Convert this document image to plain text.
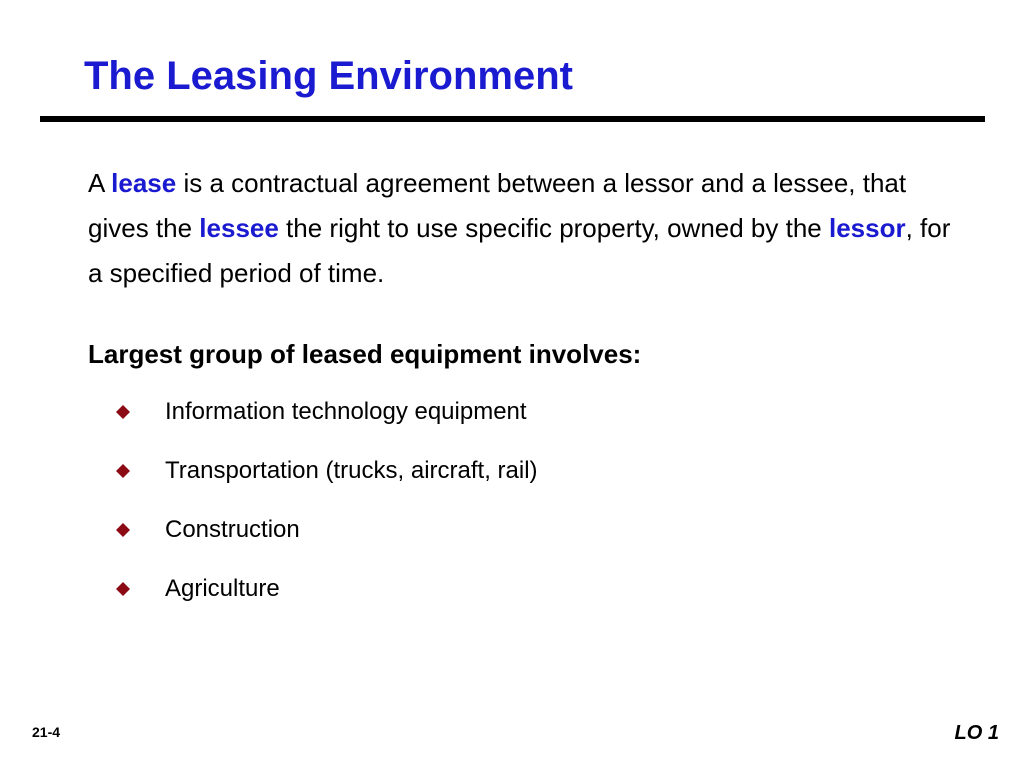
The Leasing Environment

A lease is a contractual agreement between a lessor and a lessee, that gives the lessee the right to use specific property, owned by the lessor, for a specified period of time.

Largest group of leased equipment involves:

Information technology equipment
Transportation (trucks, aircraft, rail)
Construction
Agriculture
21-4	LO 1
